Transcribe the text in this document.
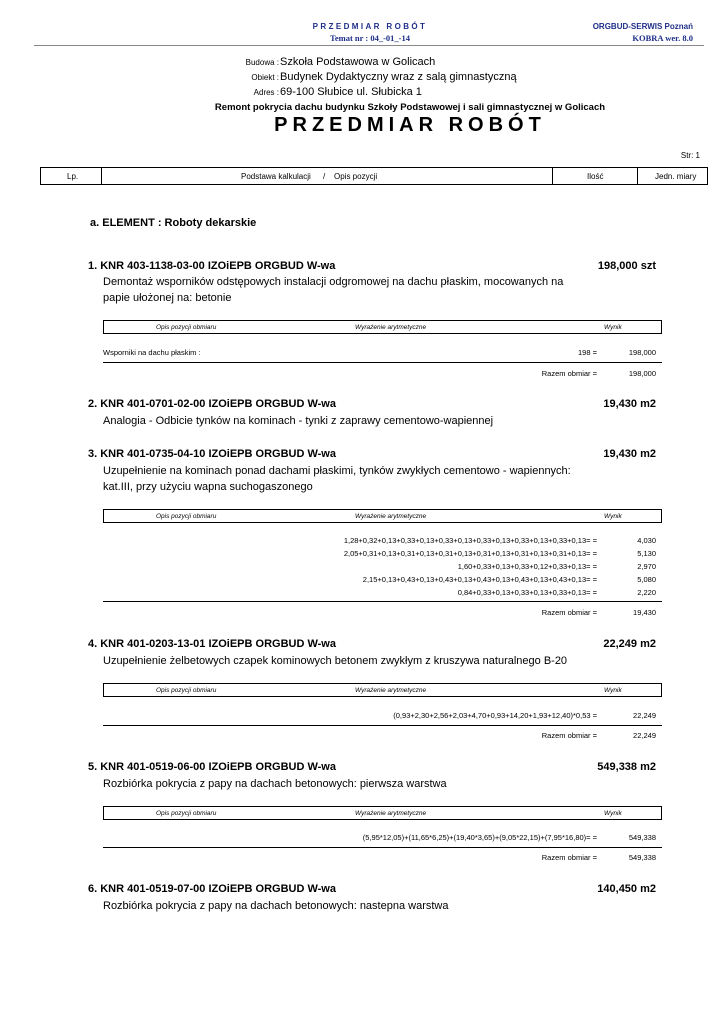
PRZEDMIAR ROBÓT
Temat nr : 04_-01_-14
ORGBUD-SERWIS Poznań
KOBRA wer. 8.0
Budowa : Szkoła Podstawowa w Golicach
Obiekt : Budynek Dydaktyczny wraz z salą gimnastyczną
Adres : 69-100 Słubice ul. Słubicka 1
Remont pokrycia dachu budynku Szkoły Podstawowej i sali gimnastycznej w Golicach
PRZEDMIAR ROBÓT
Str: 1
Lp.	Podstawa kalkulacji / Opis pozycji	Ilość	Jedn. miary
a. ELEMENT : Roboty dekarskie
1. KNR 403-1138-03-00 IZOiEPB ORGBUD W-wa	198,000 szt
Demontaż wsporników odstępowych instalacji odgromowej na dachu płaskim, mocowanych na papie ułożonej na: betonie
Opis pozycji obmiaru	Wyrażenie arytmetyczne	Wynik
Wsporniki na dachu płaskim :	198 =	198,000
Razem obmiar =	198,000
2. KNR 401-0701-02-00 IZOiEPB ORGBUD W-wa	19,430 m2
Analogia - Odbicie tynków na kominach - tynki z zaprawy cementowo-wapiennej
3. KNR 401-0735-04-10 IZOiEPB ORGBUD W-wa	19,430 m2
Uzupełnienie na kominach ponad dachami płaskimi, tynków zwykłych cementowo - wapiennych: kat.III, przy użyciu wapna suchogaszonego
Opis pozycji obmiaru	Wyrażenie arytmetyczne	Wynik
1,28+0,32+0,13+0,33+0,13+0,33+0,13+0,33+0,13+0,33+0,13+0,33+0,13= =	4,030
2,05+0,31+0,13+0,31+0,13+0,31+0,13+0,31+0,13+0,31+0,13+0,31+0,13= =	5,130
1,60+0,33+0,13+0,33+0,12+0,33+0,13= =	2,970
2,15+0,13+0,43+0,13+0,43+0,13+0,43+0,13+0,43+0,13+0,43+0,13= =	5,080
0,84+0,33+0,13+0,33+0,13+0,33+0,13= =	2,220
Razem obmiar =	19,430
4. KNR 401-0203-13-01 IZOiEPB ORGBUD W-wa	22,249 m2
Uzupełnienie żelbetowych czapek kominowych betonem zwykłym z kruszywa naturalnego B-20
Opis pozycji obmiaru	Wyrażenie arytmetyczne	Wynik
(0,93+2,30+2,56+2,03+4,70+0,93+14,20+1,93+12,40)*0,53 =	22,249
Razem obmiar =	22,249
5. KNR 401-0519-06-00 IZOiEPB ORGBUD W-wa	549,338 m2
Rozbiórka pokrycia z papy na dachach betonowych: pierwsza warstwa
Opis pozycji obmiaru	Wyrażenie arytmetyczne	Wynik
(5,95*12,05)+(11,65*6,25)+(19,40*3,65)+(9,05*22,15)+(7,95*16,80)= =	549,338
Razem obmiar =	549,338
6. KNR 401-0519-07-00 IZOiEPB ORGBUD W-wa	140,450 m2
Rozbiórka pokrycia z papy na dachach betonowych: nastepna warstwa
